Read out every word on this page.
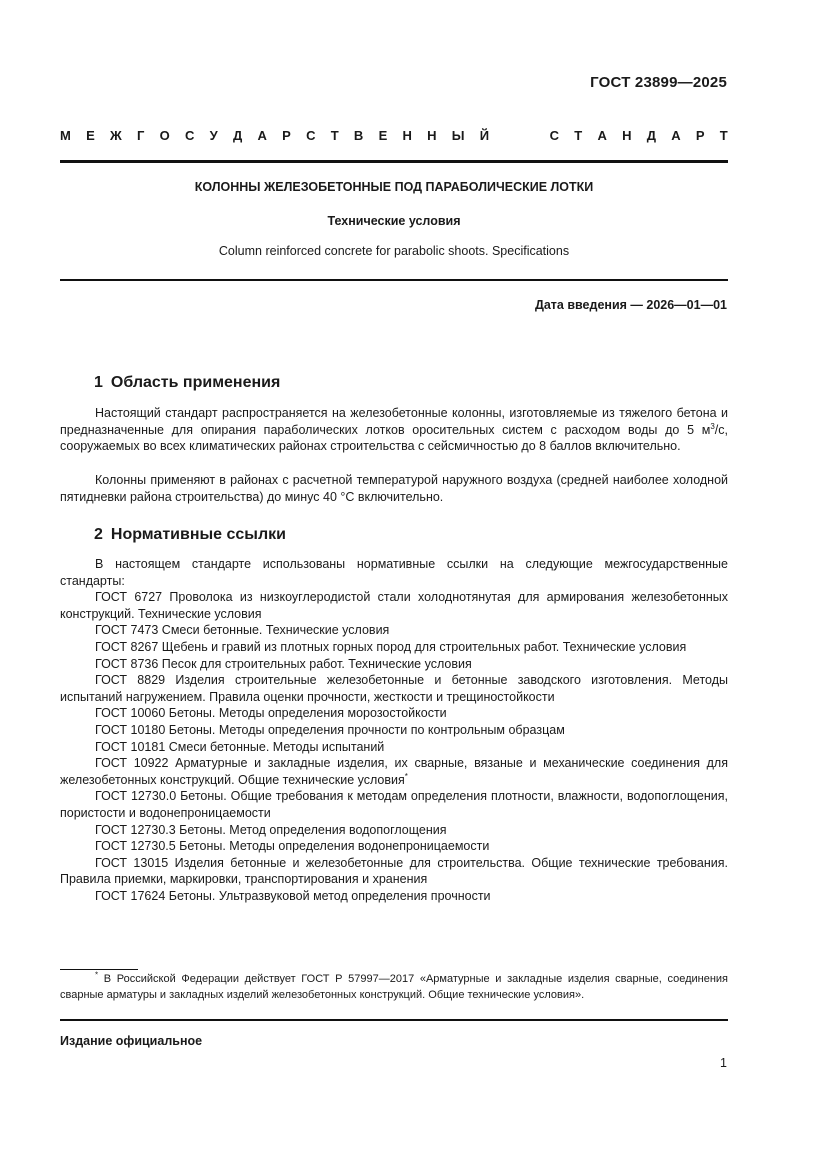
ГОСТ 23899—2025
М Е Ж Г О С У Д А Р С Т В Е Н Н Ы Й	С Т А Н Д А Р Т
КОЛОННЫ ЖЕЛЕЗОБЕТОННЫЕ ПОД ПАРАБОЛИЧЕСКИЕ ЛОТКИ
Технические условия
Column reinforced concrete for parabolic shoots. Specifications
Дата введения — 2026—01—01
1 Область применения
Настоящий стандарт распространяется на железобетонные колонны, изготовляемые из тяжелого бетона и предназначенные для опирания параболических лотков оросительных систем с расходом воды до 5 $м^3/с$, сооружаемых во всех климатических районах строительства с сейсмичностью до 8 баллов включительно.
Колонны применяют в районах с расчетной температурой наружного воздуха (средней наиболее холодной пятидневки района строительства) до минус 40 °С включительно.
2 Нормативные ссылки

В настоящем стандарте использованы нормативные ссылки на следующие межгосударственные стандарты:

ГОСТ 6727 Проволока из низкоуглеродистой стали холоднотянутая для армирования железобетонных конструкций. Технические условия

ГОСТ 7473 Смеси бетонные. Технические условия

ГОСТ 8267 Щебень и гравий из плотных горных пород для строительных работ. Технические условия

ГОСТ 8736 Песок для строительных работ. Технические условия

ГОСТ 8829 Изделия строительные железобетонные и бетонные заводского изготовления. Методы испытаний нагружением. Правила оценки прочности, жесткости и трещиностойкости

ГОСТ 10060 Бетоны. Методы определения морозостойкости

ГОСТ 10180 Бетоны. Методы определения прочности по контрольным образцам

ГОСТ 10181 Смеси бетонные. Методы испытаний

ГОСТ 10922 Арматурные и закладные изделия, их сварные, вязаные и механические соединения для железобетонных конструкций. Общие технические условия*

ГОСТ 12730.0 Бетоны. Общие требования к методам определения плотности, влажности, водопоглощения, пористости и водонепроницаемости

ГОСТ 12730.3 Бетоны. Метод определения водопоглощения

ГОСТ 12730.5 Бетоны. Методы определения водонепроницаемости

ГОСТ 13015 Изделия бетонные и железобетонные для строительства. Общие технические требования. Правила приемки, маркировки, транспортирования и хранения

ГОСТ 17624 Бетоны. Ультразвуковой метод определения прочности

* В Российской Федерации действует ГОСТ Р 57997—2017 «Арматурные и закладные изделия сварные, соединения сварные арматуры и закладных изделий железобетонных конструкций. Общие технические условия».
Издание официальное
1
